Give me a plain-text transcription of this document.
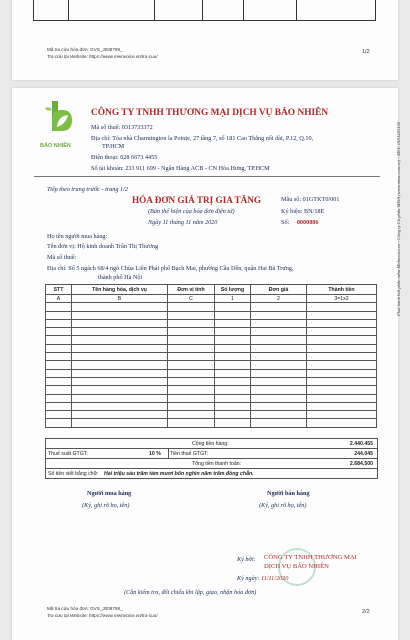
Mã tra cứu hóa đơn: GVS_J008798_
Tra cứu tại Website: https://www.meinvoice.vn/tra-cuu/
1/2
BẢO NHIÊN
CÔNG TY TNHH THƯƠNG MẠI DỊCH VỤ BẢO NHIÊN
Mã số thuế: 0313733372
Địa chỉ: Tòa nhà Charmington la Pointe, 27 tầng 7, số 181 Cao Thắng nối dài, P.12, Q.10,
TP.HCM
Điện thoại: 028 6673 4455
Số tài khoản: 233 911 699 - Ngân Hàng ACB - CN Hòa Hưng, TP.HCM
Tiếp theo trang trước - trang 1/2
HÓA ĐƠN GIÁ TRỊ GIA TĂNG
(Bản thể hiện của hóa đơn điện tử)
Ngày 11 tháng 11 năm 2020
Mẫu số: 01GTKT0/001
Ký hiệu: BN/18E
Số: 0000886
Họ tên người mua hàng:
Tên đơn vị: Hộ kinh doanh Trần Thị Thương
Mã số thuế:
Địa chỉ: Số 5 ngách 68/4 ngõ Chùa Liên Phái phố Bạch Mai, phường Cầu Dền, quận Hai Bà Trưng,
thành phố Hà Nội
STT	Tên hàng hóa, dịch vụ	Đơn vị tính	Số lượng	Đơn giá	Thành tiền
A	B	C	1	2	3=1x2

Cộng tiền hàng:	2.440.455
Thuế suất GTGT:	10 % Tiền thuế GTGT:	244.045
Tổng tiền thanh toán:	2.684.500
Số tiền viết bằng chữ: Hai triệu sáu trăm tám mươi bốn nghìn năm trăm đồng chẵn.
Người mua hàng
(Ký, ghi rõ họ, tên)
Người bán hàng
(Ký, ghi rõ họ, tên)
Ký bởi: CÔNG TY TNHH THƯƠNG MẠI DỊCH VỤ BẢO NHIÊN
Ký ngày: 11/11/2020
(Cần kiểm tra, đối chiếu khi lập, giao, nhận hóa đơn)
Phát hành bởi phần mềm MeInvoice.vn - Công ty Cổ phần MISA (www.misa.com.vn) - MST: 0101243150
Mã tra cứu hóa đơn: GVS_J008798_
Tra cứu tại Website: https://www.meinvoice.vn/tra-cuu/
2/2
